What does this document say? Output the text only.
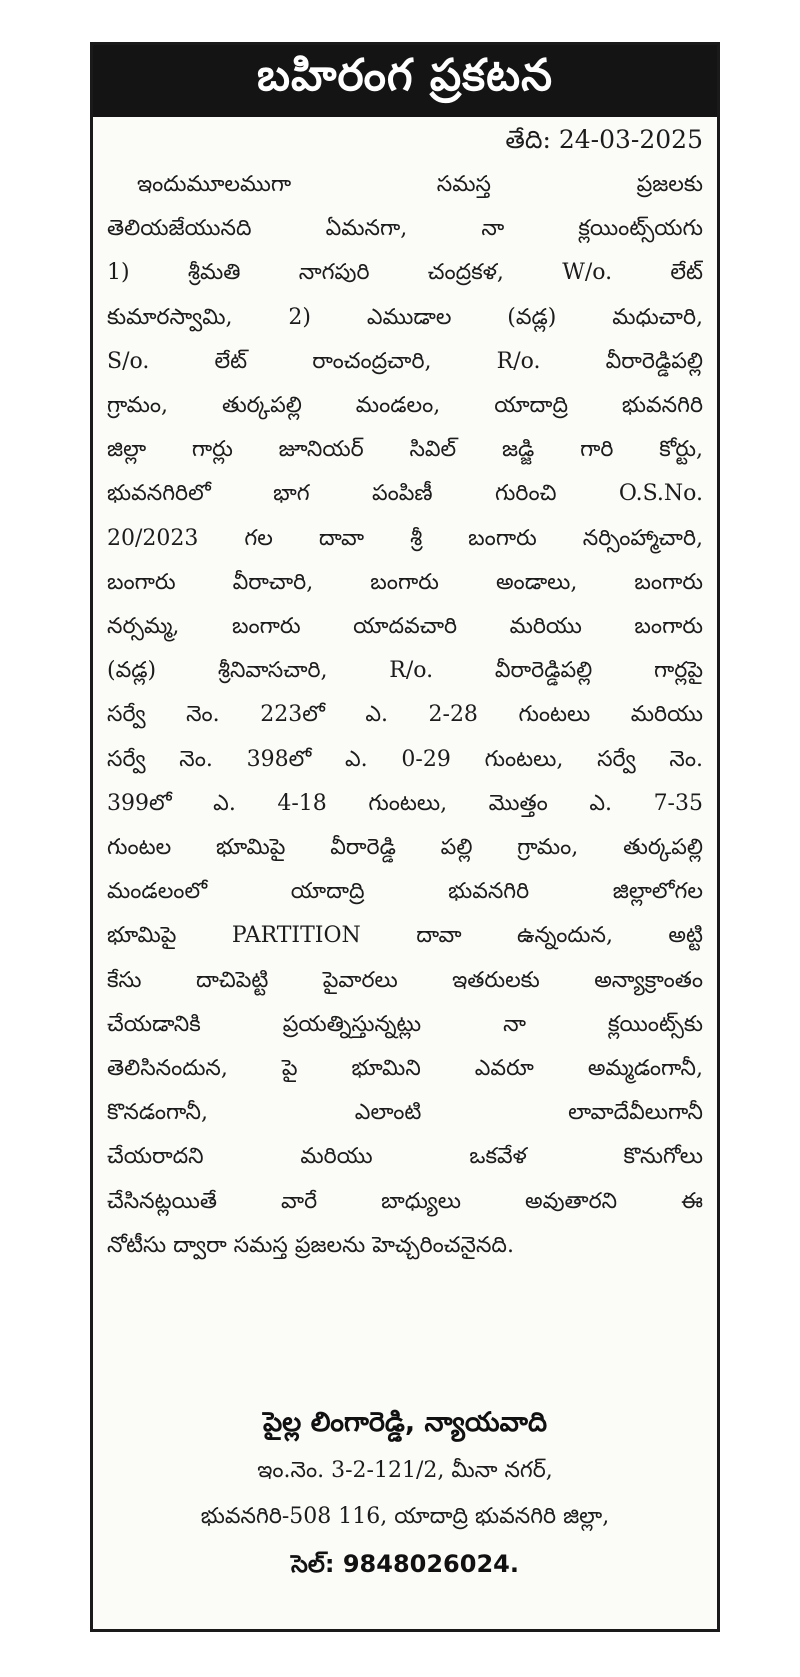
బహిరంగ ప్రకటన
తేది: 24-03-2025
ఇందుమూలముగా సమస్త ప్రజలకు
తెలియజేయునది ఏమనగా, నా క్లయింట్స్‌యగు
1) శ్రీమతి నాగపురి చంద్రకళ, W/o. లేట్
కుమారస్వామి, 2) ఎముడాల (వడ్ల) మధుచారి,
S/o. లేట్ రాంచంద్రచారి, R/o. వీరారెడ్డిపల్లి
గ్రామం, తుర్కపల్లి మండలం, యాదాద్రి భువనగిరి
జిల్లా గార్లు జూనియర్ సివిల్ జడ్జి గారి కోర్టు,
భువనగిరిలో భాగ పంపిణీ గురించి O.S.No.
20/2023 గల దావా శ్రీ బంగారు నర్సింహ్మాచారి,
బంగారు వీరాచారి, బంగారు అండాలు, బంగారు
నర్సమ్మ, బంగారు యాదవచారి మరియు బంగారు
(వడ్ల) శ్రీనివాసచారి, R/o. వీరారెడ్డిపల్లి గార్లపై
సర్వే నెం. 223లో ఎ. 2-28 గుంటలు మరియు
సర్వే నెం. 398లో ఎ. 0-29 గుంటలు, సర్వే నెం.
399లో ఎ. 4-18 గుంటలు, మొత్తం ఎ. 7-35
గుంటల భూమిపై వీరారెడ్డి పల్లి గ్రామం, తుర్కపల్లి
మండలంలో యాదాద్రి భువనగిరి జిల్లాలోగల
భూమిపై PARTITION దావా ఉన్నందున, అట్టి
కేసు దాచిపెట్టి పైవారలు ఇతరులకు అన్యాక్రాంతం
చేయడానికి ప్రయత్నిస్తున్నట్లు నా క్లయింట్స్‌కు
తెలిసినందున, పై భూమిని ఎవరూ అమ్మడంగానీ,
కొనడంగానీ, ఎలాంటి లావాదేవీలుగానీ
చేయరాదని మరియు ఒకవేళ కొనుగోలు
చేసినట్లయితే వారే బాధ్యులు అవుతారని ఈ
నోటీసు ద్వారా సమస్త ప్రజలను హెచ్చరించనైనది.
పైల్ల లింగారెడ్డి, న్యాయవాది
ఇం.నెం. 3-2-121/2, మీనా నగర్,
భువనగిరి-508 116, యాదాద్రి భువనగిరి జిల్లా,
సెల్: 9848026024.
